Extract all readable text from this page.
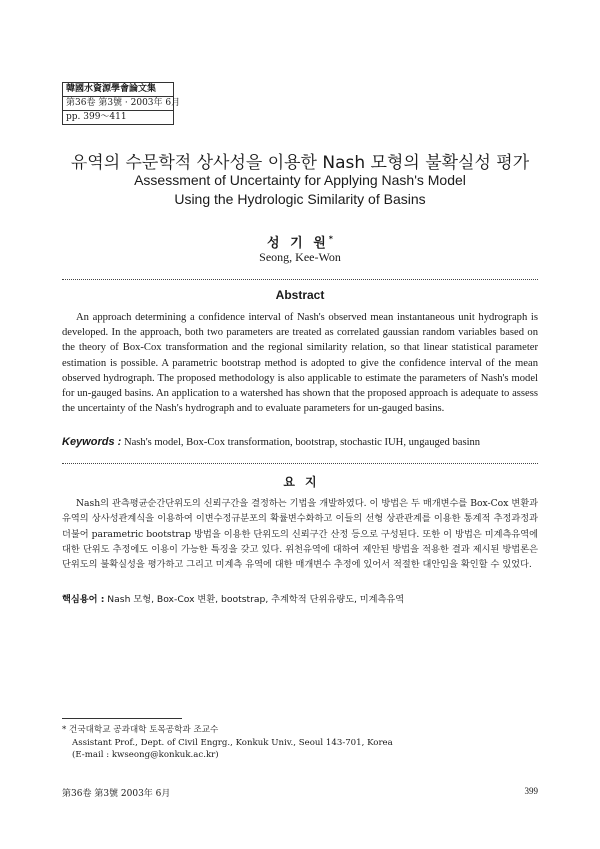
韓國水資源學會論文集
第36卷 第3號 · 2003年 6月
pp. 399～411
유역의 수문학적 상사성을 이용한 Nash 모형의 불확실성 평가
Assessment of Uncertainty for Applying Nash's Model
Using the Hydrologic Similarity of Basins
성 기 원*
Seong, Kee-Won
Abstract
An approach determining a confidence interval of Nash's observed mean instantaneous unit hydrograph is developed. In the approach, both two parameters are treated as correlated gaussian random variables based on the theory of Box-Cox transformation and the regional similarity relation, so that linear statistical parameter estimation is possible. A parametric bootstrap method is adopted to give the confidence interval of the mean observed hydrograph. The proposed methodology is also applicable to estimate the parameters of Nash's model for un-gauged basins. An application to a watershed has shown that the proposed approach is adequate to assess the uncertainty of the Nash's hydrograph and to evaluate parameters for un-gauged basins.
Keywords : Nash's model, Box-Cox transformation, bootstrap, stochastic IUH, ungauged basinn
요   지
Nash의 관측평균순간단위도의 신뢰구간을 결정하는 기법을 개발하였다. 이 방법은 두 매개변수를 Box-Cox 변환과 유역의 상사성관계식을 이용하여 이변수정규분포의 확률변수화하고 이들의 선형 상관관계를 이용한 통계적 추정과정과 더불어 parametric bootstrap 방법을 이용한 단위도의 신뢰구간 산정 등으로 구성된다. 또한 이 방법은 미계측유역에 대한 단위도 추정에도 이용이 가능한 특징을 갖고 있다. 위천유역에 대하여 제안된 방법을 적용한 결과 제시된 방법론은 단위도의 불확실성을 평가하고 그리고 미계측 유역에 대한 매개변수 추정에 있어서 적절한 대안임을 확인할 수 있었다.
핵심용어 : Nash 모형, Box-Cox 변환, bootstrap, 추계학적 단위유량도, 미계측유역
* 건국대학교 공과대학 토목공학과 조교수
Assistant Prof., Dept. of Civil Engrg., Konkuk Univ., Seoul 143-701, Korea
(E-mail : kwseong@konkuk.ac.kr)
第36卷 第3號 2003年 6月	399
